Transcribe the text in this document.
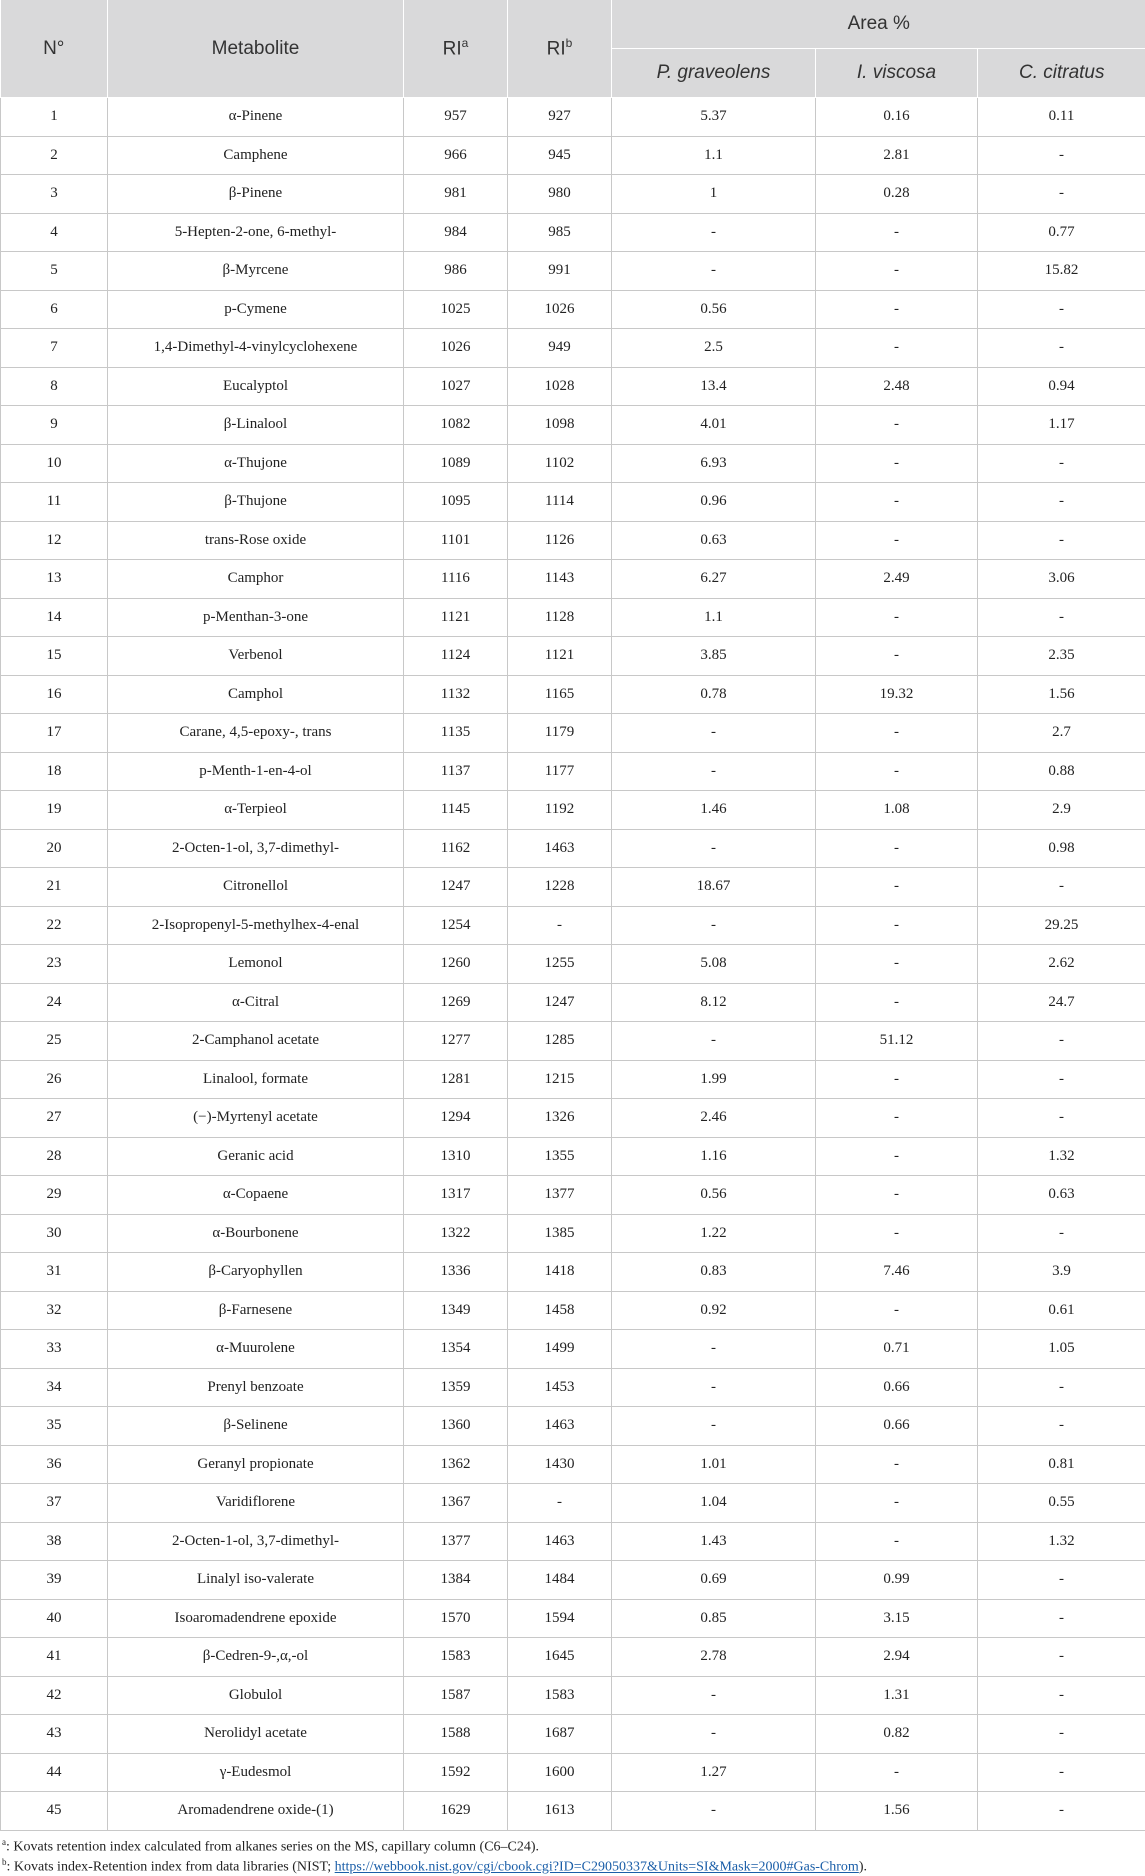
N°	Metabolite	$RI^a$	$RI^b$	Area %		
				P. graveolens	I. viscosa	C. citratus
1	α-Pinene	957	927	5.37	0.16	0.11
2	Camphene	966	945	1.1	2.81	-
3	β-Pinene	981	980	1	0.28	-
4	5-Hepten-2-one, 6-methyl-	984	985	-	-	0.77
5	β-Myrcene	986	991	-	-	15.82
6	p-Cymene	1025	1026	0.56	-	-
7	1,4-Dimethyl-4-vinylcyclohexene	1026	949	2.5	-	-
8	Eucalyptol	1027	1028	13.4	2.48	0.94
9	β-Linalool	1082	1098	4.01	-	1.17
10	α-Thujone	1089	1102	6.93	-	-
11	β-Thujone	1095	1114	0.96	-	-
12	trans-Rose oxide	1101	1126	0.63	-	-
13	Camphor	1116	1143	6.27	2.49	3.06
14	p-Menthan-3-one	1121	1128	1.1	-	-
15	Verbenol	1124	1121	3.85	-	2.35
16	Camphol	1132	1165	0.78	19.32	1.56
17	Carane, 4,5-epoxy-, trans	1135	1179	-	-	2.7
18	p-Menth-1-en-4-ol	1137	1177	-	-	0.88
19	α-Terpieol	1145	1192	1.46	1.08	2.9
20	2-Octen-1-ol, 3,7-dimethyl-	1162	1463	-	-	0.98
21	Citronellol	1247	1228	18.67	-	-
22	2-Isopropenyl-5-methylhex-4-enal	1254	-	-	-	29.25
23	Lemonol	1260	1255	5.08	-	2.62
24	α-Citral	1269	1247	8.12	-	24.7
25	2-Camphanol acetate	1277	1285	-	51.12	-
26	Linalool, formate	1281	1215	1.99	-	-
27	(−)-Myrtenyl acetate	1294	1326	2.46	-	-
28	Geranic acid	1310	1355	1.16	-	1.32
29	α-Copaene	1317	1377	0.56	-	0.63
30	α-Bourbonene	1322	1385	1.22	-	-
31	β-Caryophyllen	1336	1418	0.83	7.46	3.9
32	β-Farnesene	1349	1458	0.92	-	0.61
33	α-Muurolene	1354	1499	-	0.71	1.05
34	Prenyl benzoate	1359	1453	-	0.66	-
35	β-Selinene	1360	1463	-	0.66	-
36	Geranyl propionate	1362	1430	1.01	-	0.81
37	Varidiflorene	1367	-	1.04	-	0.55
38	2-Octen-1-ol, 3,7-dimethyl-	1377	1463	1.43	-	1.32
39	Linalyl iso-valerate	1384	1484	0.69	0.99	-
40	Isoaromadendrene epoxide	1570	1594	0.85	3.15	-
41	β-Cedren-9-,α,-ol	1583	1645	2.78	2.94	-
42	Globulol	1587	1583	-	1.31	-
43	Nerolidyl acetate	1588	1687	-	0.82	-
44	γ-Eudesmol	1592	1600	1.27	-	-
45	Aromadendrene oxide-(1)	1629	1613	-	1.56	-
$^a$: Kovats retention index calculated from alkanes series on the MS, capillary column (C6–C24).
$^b$: Kovats index-Retention index from data libraries (NIST; https://webbook.nist.gov/cgi/cbook.cgi?ID=C29050337&Units=SI&Mask=2000#Gas-Chrom).
